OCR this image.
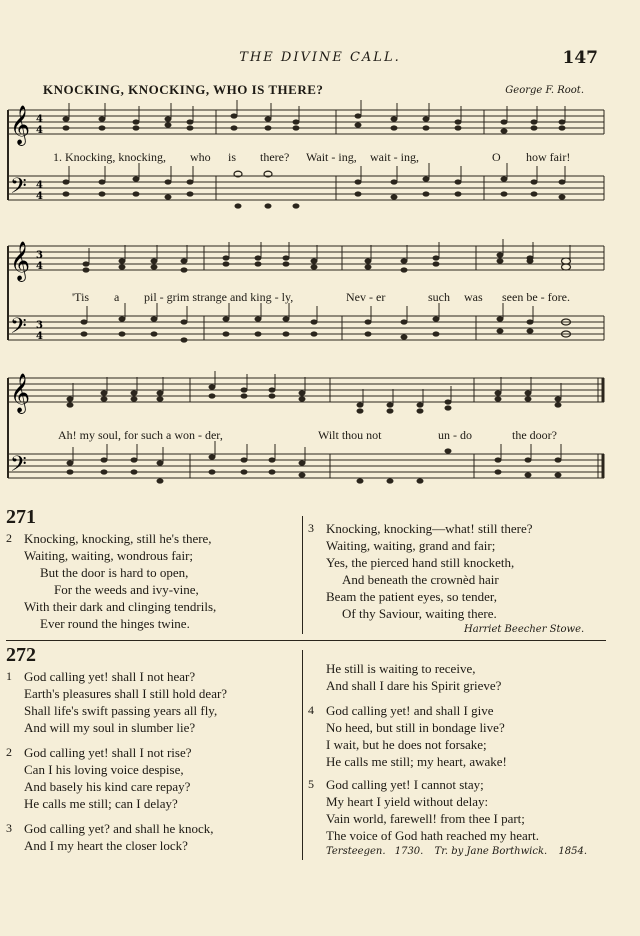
THE DIVINE CALL.	147
KNOCKING, KNOCKING, WHO IS THERE?	George F. Root.
𝄞
𝄢
4
4
4
4
1. Knocking, knocking, who is there? Wait - ing, wait - ing,	O how fair!
𝄞
𝄢
3
4
3
4
'Tis a pil - grim strange and king - ly,	Nev - er	such was seen be - fore.
𝄞
𝄢
Ah! my soul, for such a won - der,	Wilt thou not	un - do	the door?
271
2 Knocking, knocking, still he's there,
Waiting, waiting, wondrous fair;
But the door is hard to open,
For the weeds and ivy-vine,
With their dark and clinging tendrils,
Ever round the hinges twine.
3 Knocking, knocking—what! still there?
Waiting, waiting, grand and fair;
Yes, the pierced hand still knocketh,
And beneath the crownèd hair
Beam the patient eyes, so tender,
Of thy Saviour, waiting there.
Harriet Beecher Stowe.
272
1 God calling yet! shall I not hear?
Earth's pleasures shall I still hold dear?
Shall life's swift passing years all fly,
And will my soul in slumber lie?
2 God calling yet! shall I not rise?
Can I his loving voice despise,
And basely his kind care repay?
He calls me still; can I delay?
3 God calling yet? and shall he knock,
And I my heart the closer lock?
He still is waiting to receive,
And shall I dare his Spirit grieve?
4 God calling yet! and shall I give
No heed, but still in bondage live?
I wait, but he does not forsake;
He calls me still; my heart, awake!
5 God calling yet! I cannot stay;
My heart I yield without delay:
Vain world, farewell! from thee I part;
The voice of God hath reached my heart.
Tersteegen. 1730. Tr. by Jane Borthwick. 1854.
